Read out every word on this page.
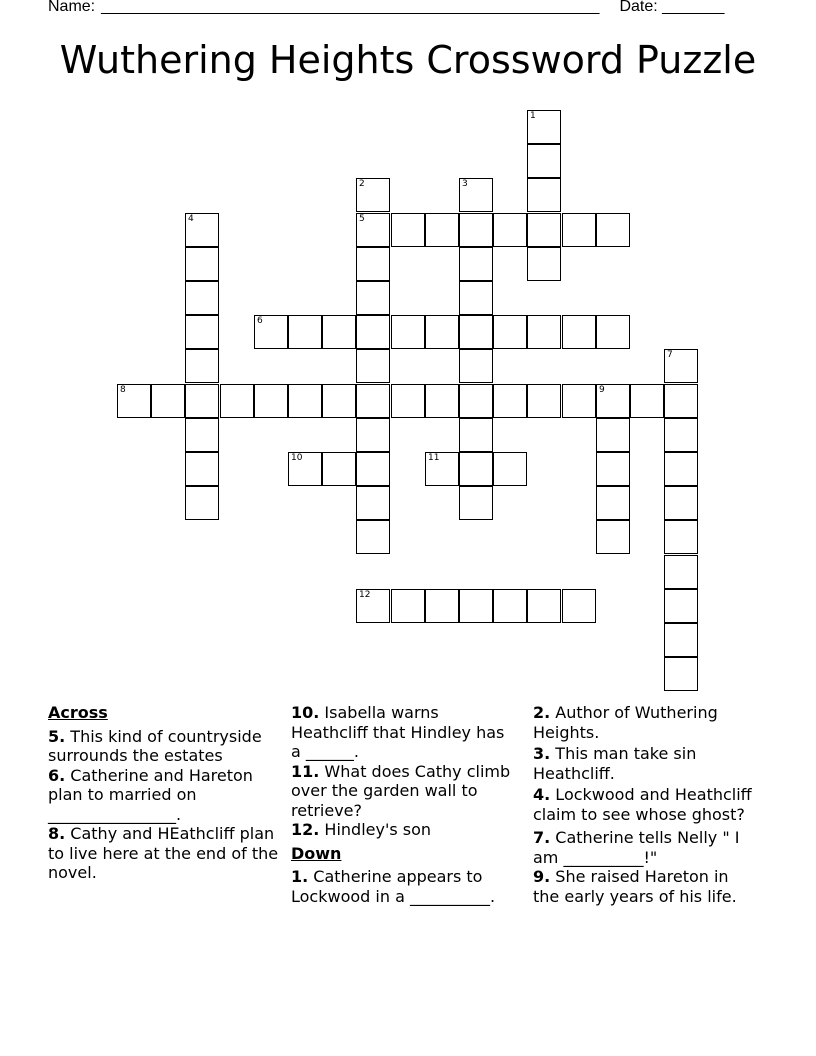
Name: ________________________________________________________ Date: _______
Wuthering Heights Crossword Puzzle
1
2
5
3
4
6
7
8	9
10	11
12
Across
5. This kind of countryside surrounds the estates
6. Catherine and Hareton plan to married on ________________.
8. Cathy and HEathcliff plan to live here at the end of the novel.
10. Isabella warns Heathcliff that Hindley has a ______.
11. What does Cathy climb over the garden wall to retrieve?
12. Hindley's son
Down
1. Catherine appears to Lockwood in a __________.
2. Author of Wuthering Heights.
3. This man take sin Heathcliff.
4. Lockwood and Heathcliff claim to see whose ghost?
7. Catherine tells Nelly " I am __________!"
9. She raised Hareton in the early years of his life.
